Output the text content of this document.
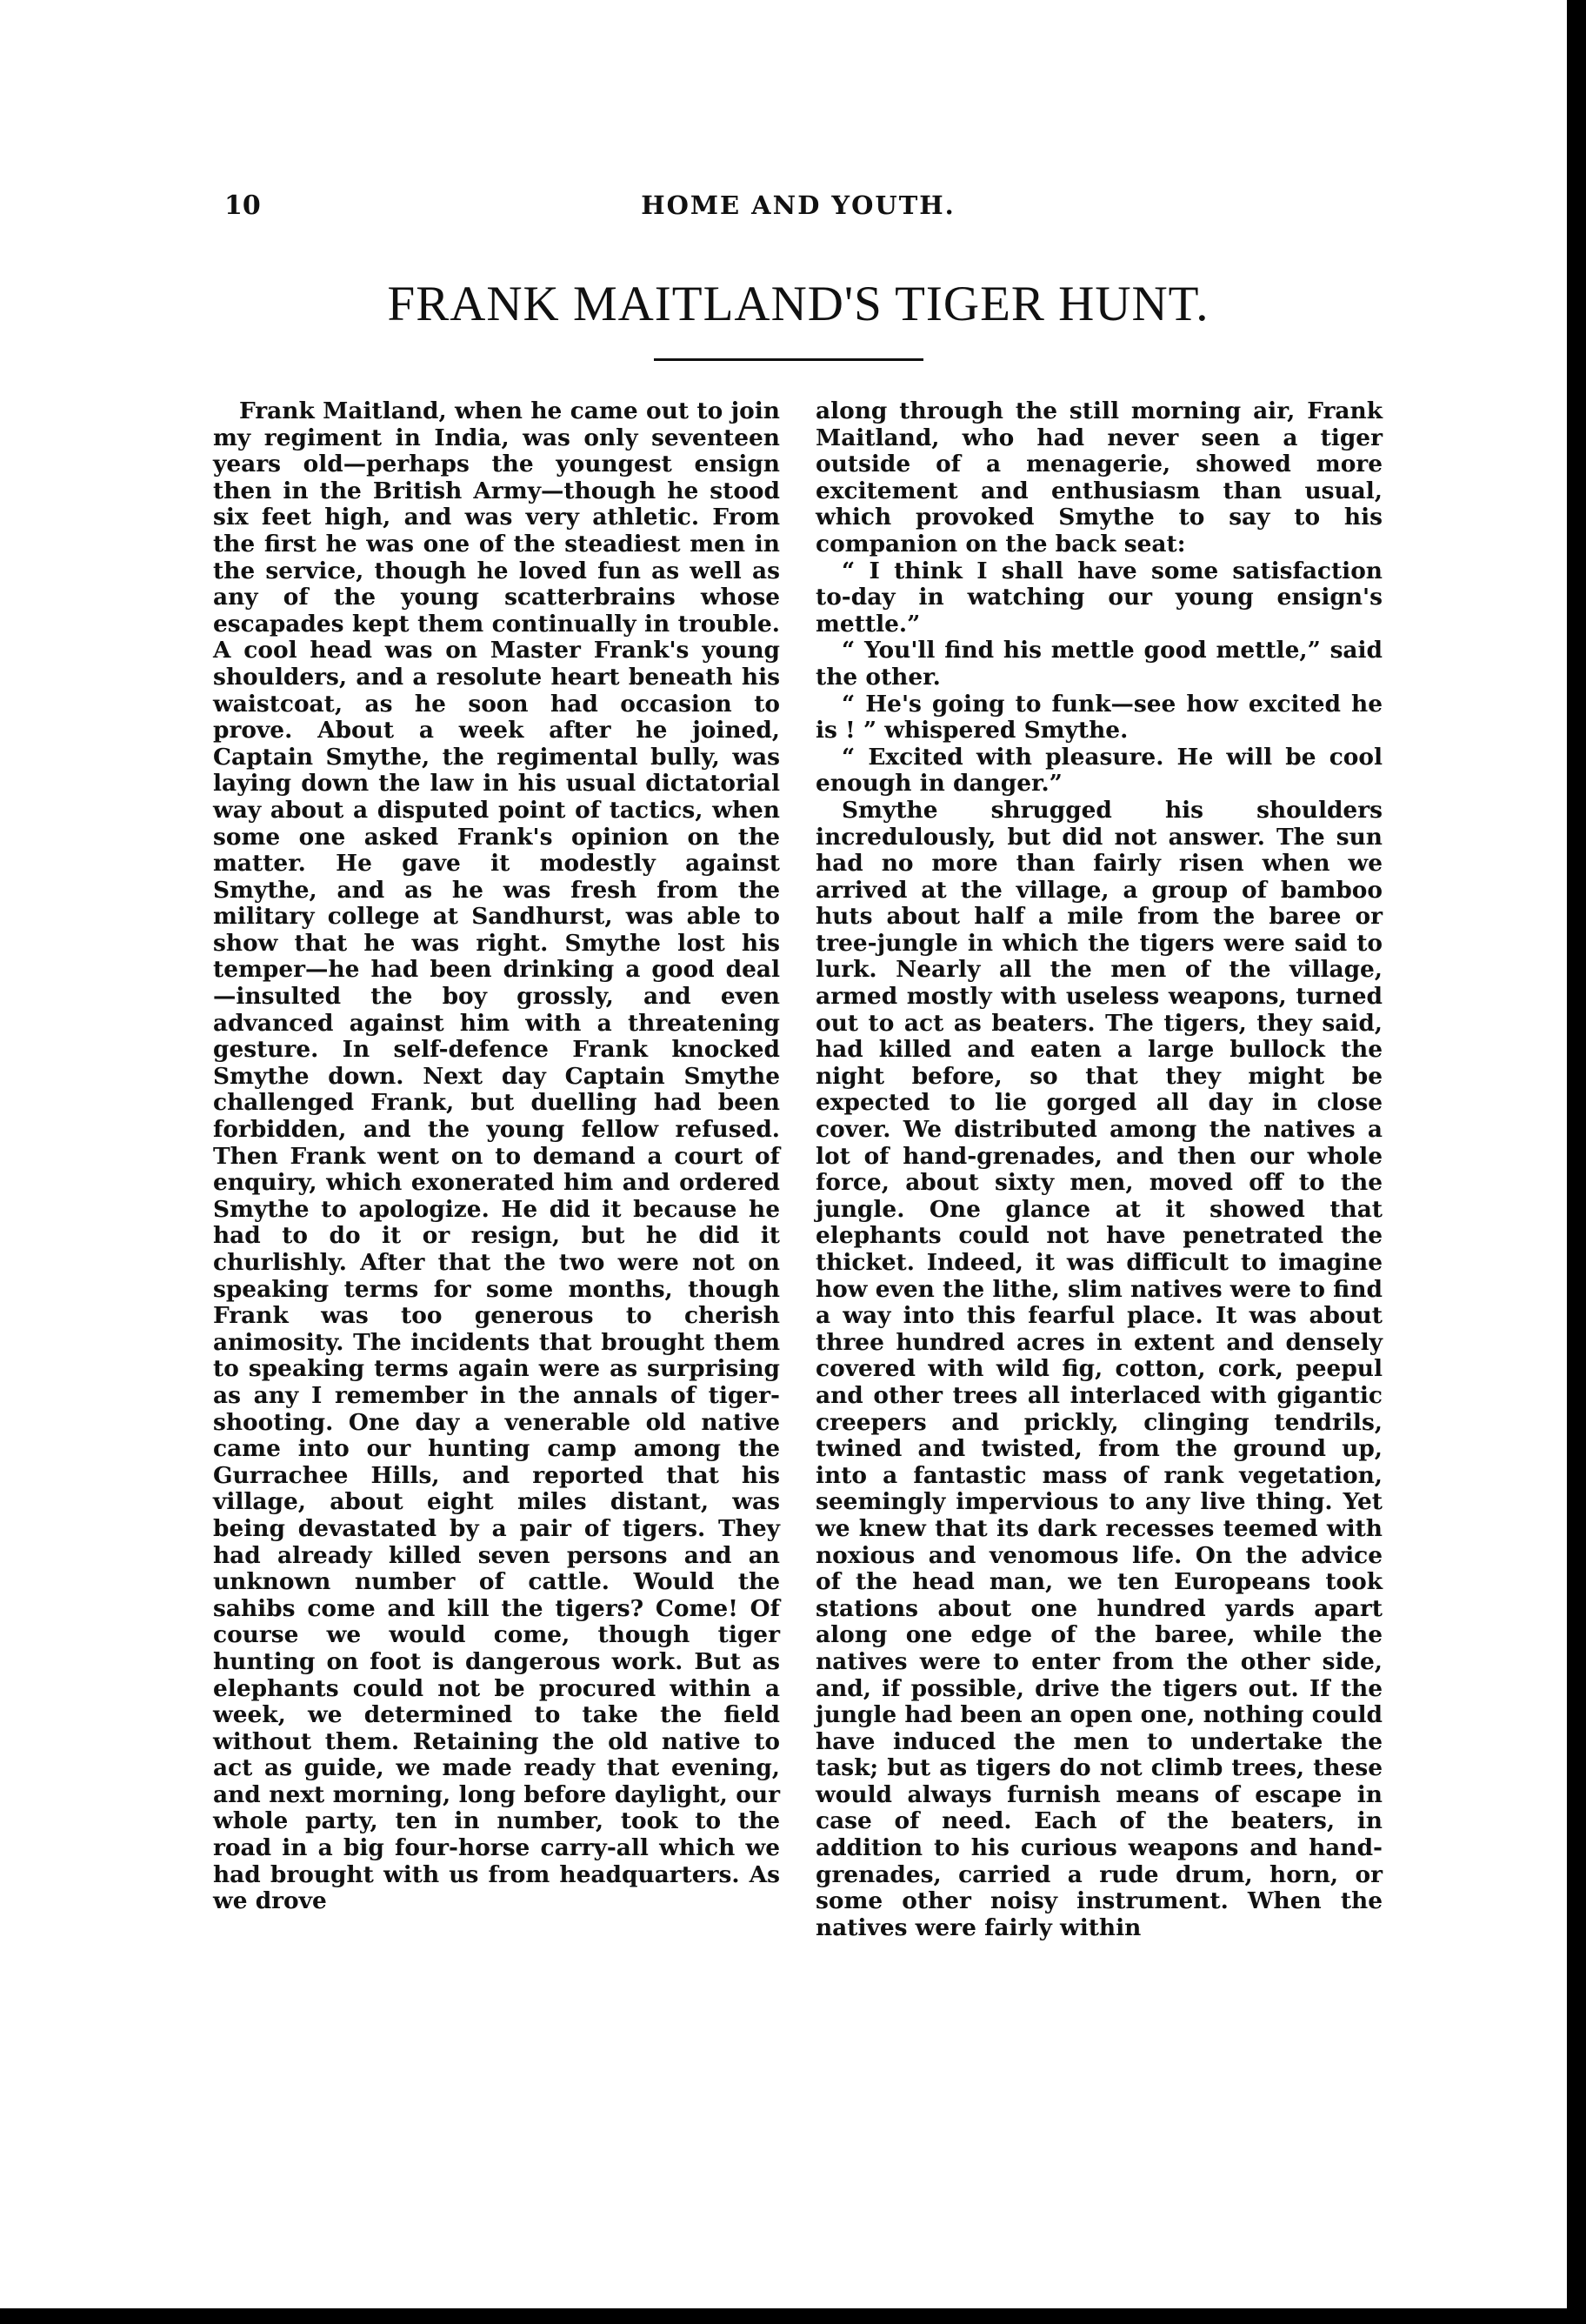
10	HOME AND YOUTH.
FRANK MAITLAND'S TIGER HUNT.

Frank Maitland, when he came out to join my regiment in India, was only seventeen years old—perhaps the youngest ensign then in the British Army—though he stood six feet high, and was very athletic. From the first he was one of the steadiest men in the service, though he loved fun as well as any of the young scatterbrains whose escapades kept them continually in trouble. A cool head was on Master Frank's young shoulders, and a resolute heart beneath his waistcoat, as he soon had occasion to prove. About a week after he joined, Captain Smythe, the regimental bully, was laying down the law in his usual dictatorial way about a disputed point of tactics, when some one asked Frank's opinion on the matter. He gave it modestly against Smythe, and as he was fresh from the military college at Sandhurst, was able to show that he was right. Smythe lost his temper—he had been drinking a good deal—insulted the boy grossly, and even advanced against him with a threatening gesture. In self-defence Frank knocked Smythe down. Next day Captain Smythe challenged Frank, but duelling had been forbidden, and the young fellow refused. Then Frank went on to demand a court of enquiry, which exonerated him and ordered Smythe to apologize. He did it because he had to do it or resign, but he did it churlishly. After that the two were not on speaking terms for some months, though Frank was too generous to cherish animosity. The incidents that brought them to speaking terms again were as surprising as any I remember in the annals of tiger-shooting. One day a venerable old native came into our hunting camp among the Gurrachee Hills, and reported that his village, about eight miles distant, was being devastated by a pair of tigers. They had already killed seven persons and an unknown number of cattle. Would the sahibs come and kill the tigers? Come! Of course we would come, though tiger hunting on foot is dangerous work. But as elephants could not be procured within a week, we determined to take the field without them. Retaining the old native to act as guide, we made ready that evening, and next morning, long before daylight, our whole party, ten in number, took to the road in a big four-horse carry-all which we had brought with us from headquarters. As we drove

along through the still morning air, Frank Maitland, who had never seen a tiger outside of a menagerie, showed more excitement and enthusiasm than usual, which provoked Smythe to say to his companion on the back seat:

“ I think I shall have some satisfaction to-day in watching our young ensign's mettle.”

“ You'll find his mettle good mettle,” said the other.

“ He's going to funk—see how excited he is ! ” whispered Smythe.

“ Excited with pleasure. He will be cool enough in danger.”

Smythe shrugged his shoulders incredulously, but did not answer. The sun had no more than fairly risen when we arrived at the village, a group of bamboo huts about half a mile from the baree or tree-jungle in which the tigers were said to lurk. Nearly all the men of the village, armed mostly with useless weapons, turned out to act as beaters. The tigers, they said, had killed and eaten a large bullock the night before, so that they might be expected to lie gorged all day in close cover. We distributed among the natives a lot of hand-grenades, and then our whole force, about sixty men, moved off to the jungle. One glance at it showed that elephants could not have penetrated the thicket. Indeed, it was difficult to imagine how even the lithe, slim natives were to find a way into this fearful place. It was about three hundred acres in extent and densely covered with wild fig, cotton, cork, peepul and other trees all interlaced with gigantic creepers and prickly, clinging tendrils, twined and twisted, from the ground up, into a fantastic mass of rank vegetation, seemingly impervious to any live thing. Yet we knew that its dark recesses teemed with noxious and venomous life. On the advice of the head man, we ten Europeans took stations about one hundred yards apart along one edge of the baree, while the natives were to enter from the other side, and, if possible, drive the tigers out. If the jungle had been an open one, nothing could have induced the men to undertake the task; but as tigers do not climb trees, these would always furnish means of escape in case of need. Each of the beaters, in addition to his curious weapons and hand-grenades, carried a rude drum, horn, or some other noisy instrument. When the natives were fairly within
